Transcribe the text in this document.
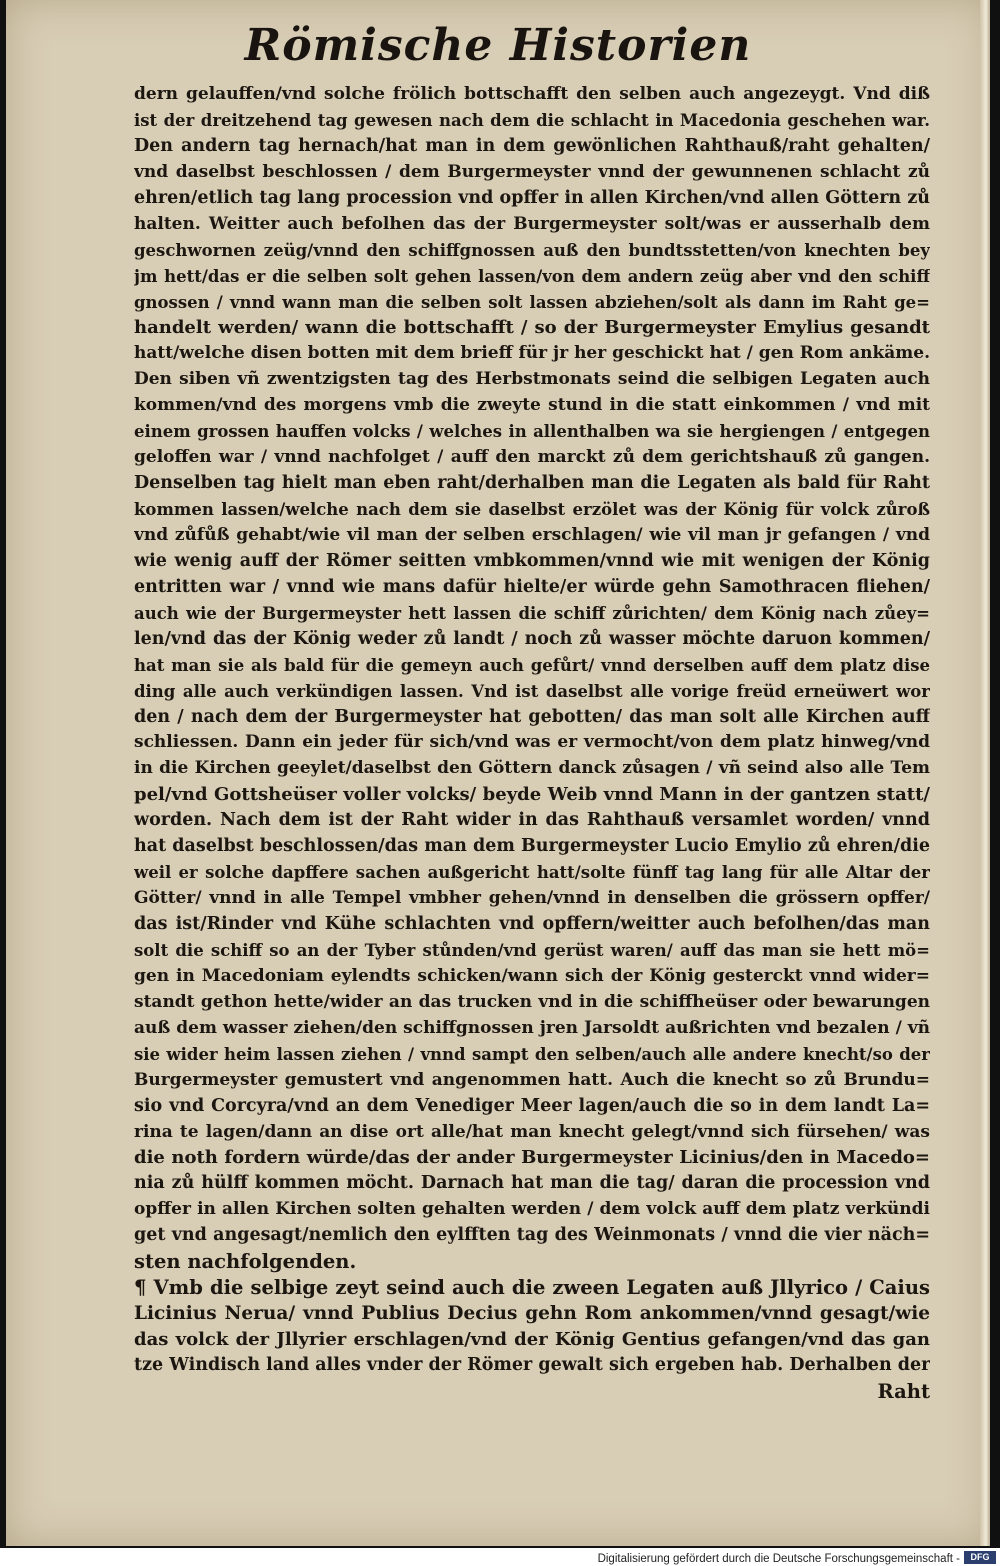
Römische Historien
dern gelauffen/vnd solche frölich bottschafft den selben auch angezeygt. Vnd diß
ist der dreitzehend tag gewesen nach dem die schlacht in Macedonia geschehen war.
Den andern tag hernach/hat man in dem gewönlichen Rahthauß/raht gehalten/
vnd daselbst beschlossen / dem Burgermeyster vnnd der gewunnenen schlacht zů
ehren/etlich tag lang procession vnd opffer in allen Kirchen/vnd allen Göttern zů
halten. Weitter auch befolhen das der Burgermeyster solt/was er ausserhalb dem
geschwornen zeüg/vnnd den schiffgnossen auß den bundtsstetten/von knechten bey
jm hett/das er die selben solt gehen lassen/von dem andern zeüg aber vnd den schiff
gnossen / vnnd wann man die selben solt lassen abziehen/solt als dann im Raht ge=
handelt werden/ wann die bottschafft / so der Burgermeyster Emylius gesandt
hatt/welche disen botten mit dem brieff für jr her geschickt hat / gen Rom ankäme.
Den siben vñ zwentzigsten tag des Herbstmonats seind die selbigen Legaten auch
kommen/vnd des morgens vmb die zweyte stund in die statt einkommen / vnd mit
einem grossen hauffen volcks / welches in allenthalben wa sie hergiengen / entgegen
geloffen war / vnnd nachfolget / auff den marckt zů dem gerichtshauß zů gangen.
Denselben tag hielt man eben raht/derhalben man die Legaten als bald für Raht
kommen lassen/welche nach dem sie daselbst erzölet was der König für volck zůroß
vnd zůfůß gehabt/wie vil man der selben erschlagen/ wie vil man jr gefangen / vnd
wie wenig auff der Römer seitten vmbkommen/vnnd wie mit wenigen der König
entritten war / vnnd wie mans dafür hielte/er würde gehn Samothracen fliehen/
auch wie der Burgermeyster hett lassen die schiff zůrichten/ dem König nach zůey=
len/vnd das der König weder zů landt / noch zů wasser möchte daruon kommen/
hat man sie als bald für die gemeyn auch gefůrt/ vnnd derselben auff dem platz dise
ding alle auch verkündigen lassen. Vnd ist daselbst alle vorige freüd erneüwert wor
den / nach dem der Burgermeyster hat gebotten/ das man solt alle Kirchen auff
schliessen. Dann ein jeder für sich/vnd was er vermocht/von dem platz hinweg/vnd
in die Kirchen geeylet/daselbst den Göttern danck zůsagen / vñ seind also alle Tem
pel/vnd Gottsheüser voller volcks/ beyde Weib vnnd Mann in der gantzen statt/
worden. Nach dem ist der Raht wider in das Rahthauß versamlet worden/ vnnd
hat daselbst beschlossen/das man dem Burgermeyster Lucio Emylio zů ehren/die
weil er solche dapffere sachen außgericht hatt/solte fünff tag lang für alle Altar der
Götter/ vnnd in alle Tempel vmbher gehen/vnnd in denselben die grössern opffer/
das ist/Rinder vnd Kühe schlachten vnd opffern/weitter auch befolhen/das man
solt die schiff so an der Tyber stůnden/vnd gerüst waren/ auff das man sie hett mö=
gen in Macedoniam eylendts schicken/wann sich der König gesterckt vnnd wider=
standt gethon hette/wider an das trucken vnd in die schiffheüser oder bewarungen
auß dem wasser ziehen/den schiffgnossen jren Jarsoldt außrichten vnd bezalen / vñ
sie wider heim lassen ziehen / vnnd sampt den selben/auch alle andere knecht/so der
Burgermeyster gemustert vnd angenommen hatt. Auch die knecht so zů Brundu=
sio vnd Corcyra/vnd an dem Venediger Meer lagen/auch die so in dem landt La=
rina te lagen/dann an dise ort alle/hat man knecht gelegt/vnnd sich fürsehen/ was
die noth fordern würde/das der ander Burgermeyster Licinius/den in Macedo=
nia zů hülff kommen möcht. Darnach hat man die tag/ daran die procession vnd
opffer in allen Kirchen solten gehalten werden / dem volck auff dem platz verkündi
get vnd angesagt/nemlich den eylfften tag des Weinmonats / vnnd die vier näch=
sten nachfolgenden.
¶ Vmb die selbige zeyt seind auch die zween Legaten auß Jllyrico / Caius
Licinius Nerua/ vnnd Publius Decius gehn Rom ankommen/vnnd gesagt/wie
das volck der Jllyrier erschlagen/vnd der König Gentius gefangen/vnd das gan
tze Windisch land alles vnder der Römer gewalt sich ergeben hab. Derhalben der
Raht
Digitalisierung gefördert durch die Deutsche Forschungsgemeinschaft -	DFG
